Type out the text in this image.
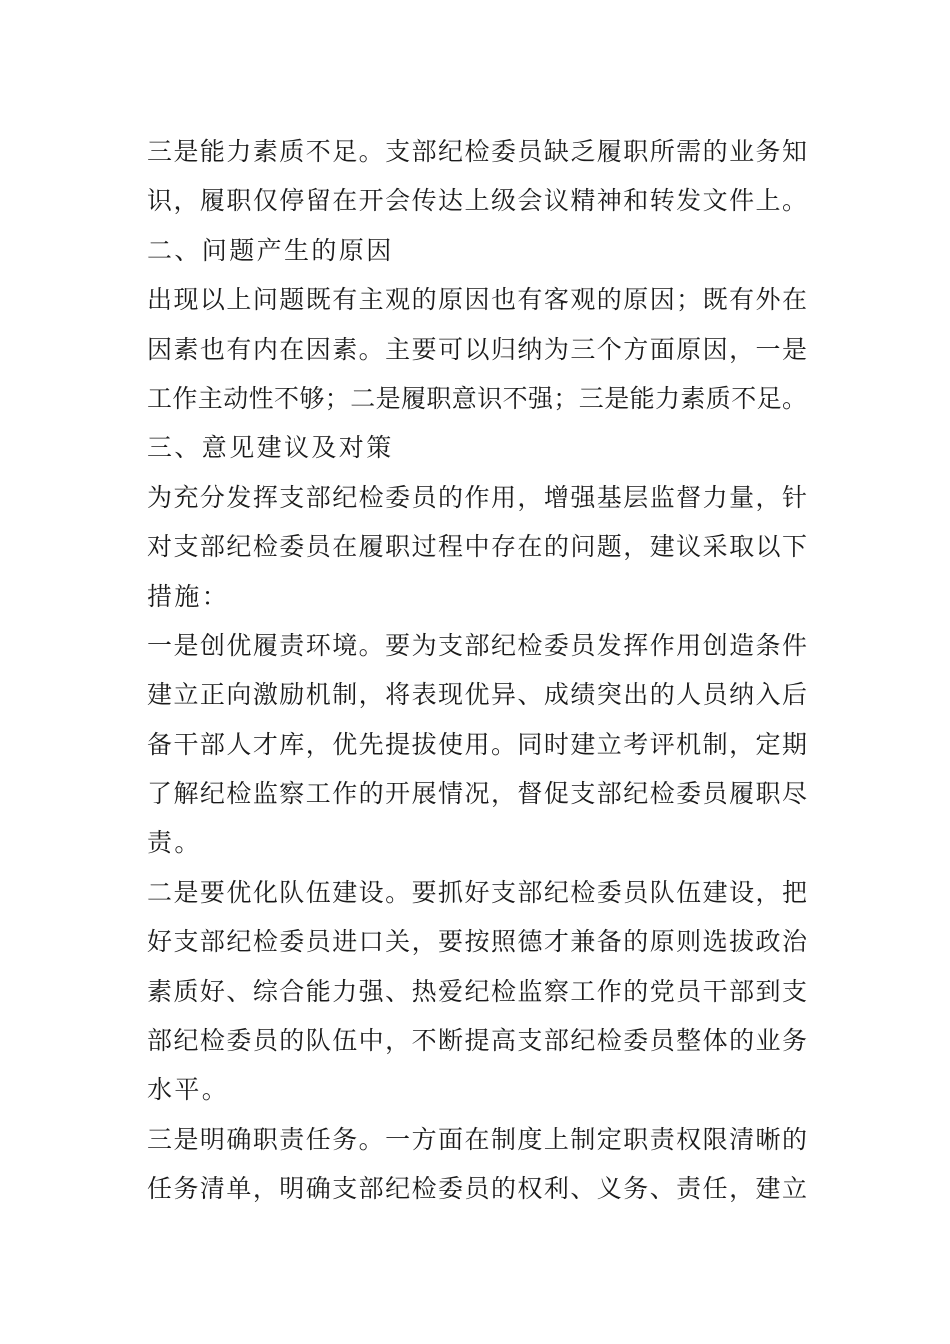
三是能力素质不足。支部纪检委员缺乏履职所需的业务知
识，履职仅停留在开会传达上级会议精神和转发文件上。
二、问题产生的原因
出现以上问题既有主观的原因也有客观的原因；既有外在
因素也有内在因素。主要可以归纳为三个方面原因，一是
工作主动性不够；二是履职意识不强；三是能力素质不足。
三、意见建议及对策
为充分发挥支部纪检委员的作用，增强基层监督力量，针
对支部纪检委员在履职过程中存在的问题，建议采取以下
措施：
一是创优履责环境。要为支部纪检委员发挥作用创造条件
建立正向激励机制，将表现优异、成绩突出的人员纳入后
备干部人才库，优先提拔使用。同时建立考评机制，定期
了解纪检监察工作的开展情况，督促支部纪检委员履职尽
责。
二是要优化队伍建设。要抓好支部纪检委员队伍建设，把
好支部纪检委员进口关，要按照德才兼备的原则选拔政治
素质好、综合能力强、热爱纪检监察工作的党员干部到支
部纪检委员的队伍中，不断提高支部纪检委员整体的业务
水平。
三是明确职责任务。一方面在制度上制定职责权限清晰的
任务清单，明确支部纪检委员的权利、义务、责任，建立
